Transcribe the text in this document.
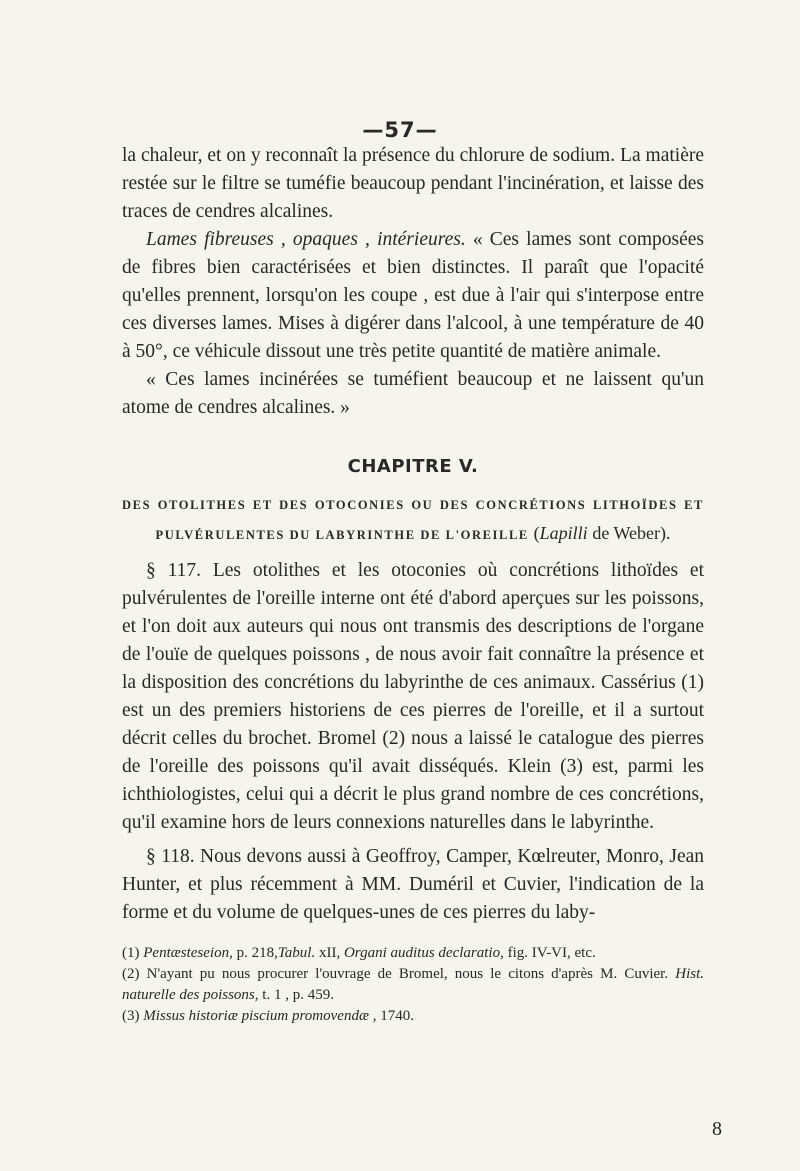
—57—

la chaleur, et on y reconnaît la présence du chlorure de sodium. La matière restée sur le filtre se tuméfie beaucoup pendant l'incinération, et laisse des traces de cendres alcalines.

Lames fibreuses , opaques , intérieures. « Ces lames sont composées de fibres bien caractérisées et bien distinctes. Il paraît que l'opacité qu'elles prennent, lorsqu'on les coupe , est due à l'air qui s'interpose entre ces diverses lames. Mises à digérer dans l'alcool, à une température de 40 à 50°, ce véhicule dissout une très petite quantité de matière animale.

« Ces lames incinérées se tuméfient beaucoup et ne laissent qu'un atome de cendres alcalines. »

CHAPITRE V.

DES OTOLITHES ET DES OTOCONIES OU DES CONCRÉTIONS LITHOÏDES ET PULVÉRULENTES DU LABYRINTHE DE L'OREILLE (Lapilli de Weber).

§ 117. Les otolithes et les otoconies où concrétions lithoïdes et pulvérulentes de l'oreille interne ont été d'abord aperçues sur les poissons, et l'on doit aux auteurs qui nous ont transmis des descriptions de l'organe de l'ouïe de quelques poissons , de nous avoir fait connaître la présence et la disposition des concrétions du labyrinthe de ces animaux. Cassérius (1) est un des premiers historiens de ces pierres de l'oreille, et il a surtout décrit celles du brochet. Bromel (2) nous a laissé le catalogue des pierres de l'oreille des poissons qu'il avait disséqués. Klein (3) est, parmi les ichthiologistes, celui qui a décrit le plus grand nombre de ces concrétions, qu'il examine hors de leurs connexions naturelles dans le labyrinthe.

§ 118. Nous devons aussi à Geoffroy, Camper, Kœlreuter, Monro, Jean Hunter, et plus récemment à MM. Duméril et Cuvier, l'indication de la forme et du volume de quelques-unes de ces pierres du laby-

(1) Pentæsteseion, p. 218,Tabul. xII, Organi auditus declaratio, fig. IV-VI, etc.

(2) N'ayant pu nous procurer l'ouvrage de Bromel, nous le citons d'après M. Cuvier. Hist. naturelle des poissons, t. 1 , p. 459.

(3) Missus historiæ piscium promovendæ , 1740.

8
